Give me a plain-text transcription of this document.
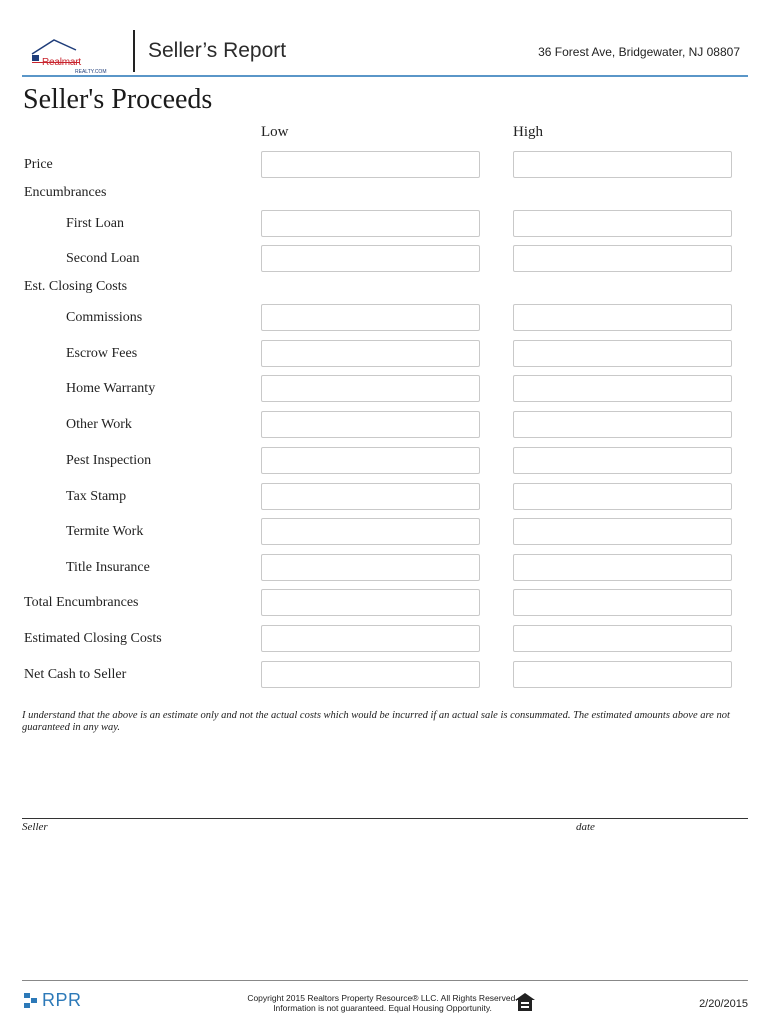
Realmart
REALTY.COM
Seller’s Report	36 Forest Ave, Bridgewater, NJ 08807
Seller's Proceeds
Low	High
Price
Encumbrances
First Loan
Second Loan
Est. Closing Costs
Commissions
Escrow Fees
Home Warranty
Other Work
Pest Inspection
Tax Stamp
Termite Work
Title Insurance
Total Encumbrances
Estimated Closing Costs
Net Cash to Seller
I understand that the above is an estimate only and not the actual costs which would be incurred if an actual sale is consummated. The estimated amounts above are not guaranteed in any way.
Seller	date
RPR	Copyright 2015 Realtors Property Resource® LLC. All Rights Reserved.
Information is not guaranteed. Equal Housing Opportunity.	2/20/2015
